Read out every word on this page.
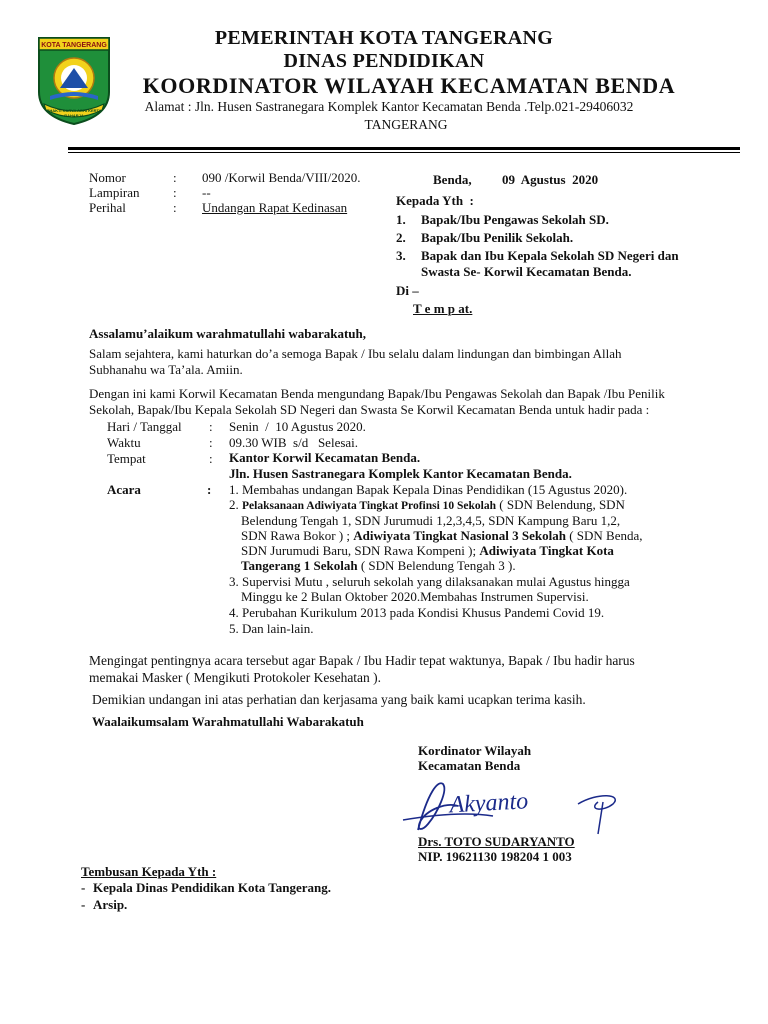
KOTA TANGERANG
BHAKTI KARYA ADHI KERTA RAHARJA
PEMERINTAH KOTA TANGERANG
DINAS PENDIDIKAN
KOORDINATOR WILAYAH KECAMATAN BENDA
Alamat : Jln. Husen Sastranegara Komplek Kantor Kecamatan Benda .Telp.021-29406032
TANGERANG
Nomor	: 090 /Korwil Benda/VIII/2020.
Lampiran	: --
Perihal	: Undangan Rapat Kedinasan
Benda, 09  Agustus  2020
Kepada Yth  :
1. Bapak/Ibu Pengawas Sekolah SD.
2. Bapak/Ibu Penilik Sekolah.
3. Bapak dan Ibu Kepala Sekolah SD Negeri dan
Swasta Se- Korwil Kecamatan Benda.
Di –
T e m p at.
Assalamu’alaikum warahmatullahi wabarakatuh,
Salam sejahtera, kami haturkan do’a semoga Bapak / Ibu selalu dalam lindungan dan bimbingan Allah
Subhanahu wa Ta’ala. Amiin.
Dengan ini kami Korwil Kecamatan Benda mengundang Bapak/Ibu Pengawas Sekolah dan Bapak /Ibu Penilik
Sekolah, Bapak/Ibu Kepala Sekolah SD Negeri dan Swasta Se Korwil Kecamatan Benda untuk hadir pada :
Hari / Tanggal : Senin  /  10 Agustus 2020.
Waktu	: 09.30 WIB  s/d   Selesai.
Tempat	: Kantor Korwil Kecamatan Benda.
Jln. Husen Sastranegara Komplek Kantor Kecamatan Benda.
Acara	: 1. Membahas undangan Bapak Kepala Dinas Pendidikan (15 Agustus 2020).
2. Pelaksanaan Adiwiyata Tingkat Profinsi 10 Sekolah ( SDN Belendung, SDN
Belendung Tengah 1, SDN Jurumudi 1,2,3,4,5, SDN Kampung Baru 1,2,
SDN Rawa Bokor ) ; Adiwiyata Tingkat Nasional 3 Sekolah ( SDN Benda,
SDN Jurumudi Baru, SDN Rawa Kompeni ); Adiwiyata Tingkat Kota
Tangerang 1 Sekolah ( SDN Belendung Tengah 3 ).
3. Supervisi Mutu , seluruh sekolah yang dilaksanakan mulai Agustus hingga
Minggu ke 2 Bulan Oktober 2020.Membahas Instrumen Supervisi.
4. Perubahan Kurikulum 2013 pada Kondisi Khusus Pandemi Covid 19.
5. Dan lain-lain.
Mengingat pentingnya acara tersebut agar Bapak / Ibu Hadir tepat waktunya, Bapak / Ibu hadir harus
memakai Masker ( Mengikuti Protokoler Kesehatan ).
Demikian undangan ini atas perhatian dan kerjasama yang baik kami ucapkan terima kasih.
Waalaikumsalam Warahmatullahi Wabarakatuh
Kordinator Wilayah
Kecamatan Benda
Akyanto
Drs. TOTO SUDARYANTO
NIP. 19621130 198204 1 003
Tembusan Kepada Yth :
- Kepala Dinas Pendidikan Kota Tangerang.
- Arsip.
